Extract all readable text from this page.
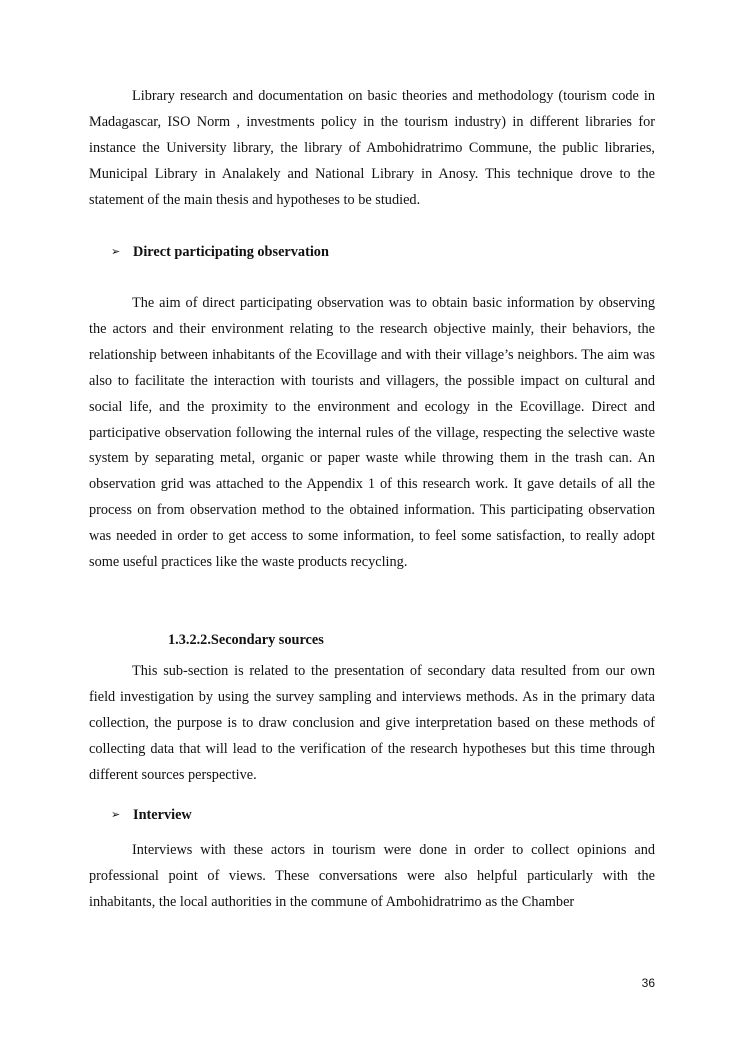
Library research and documentation on basic theories and methodology (tourism code in Madagascar, ISO Norm , investments policy in the tourism industry) in different libraries for instance the University library, the library of Ambohidratrimo Commune, the public libraries, Municipal Library in Analakely and National Library in Anosy. This technique drove to the statement of the main thesis and hypotheses to be studied.

➢ Direct participating observation

The aim of direct participating observation was to obtain basic information by observing the actors and their environment relating to the research objective mainly, their behaviors, the relationship between inhabitants of the Ecovillage and with their village’s neighbors. The aim was also to facilitate the interaction with tourists and villagers, the possible impact on cultural and social life, and the proximity to the environment and ecology in the Ecovillage. Direct and participative observation following the internal rules of the village, respecting the selective waste system by separating metal, organic or paper waste while throwing them in the trash can. An observation grid was attached to the Appendix 1 of this research work. It gave details of all the process on from observation method to the obtained information. This participating observation was needed in order to get access to some information, to feel some satisfaction, to really adopt some useful practices like the waste products recycling.

1.3.2.2.Secondary sources

This sub-section is related to the presentation of secondary data resulted from our own field investigation by using the survey sampling and interviews methods. As in the primary data collection, the purpose is to draw conclusion and give interpretation based on these methods of collecting data that will lead to the verification of the research hypotheses but this time through different sources perspective.

➢ Interview

Interviews with these actors in tourism were done in order to collect opinions and professional point of views. These conversations were also helpful particularly with the inhabitants, the local authorities in the commune of Ambohidratrimo as the Chamber

36
